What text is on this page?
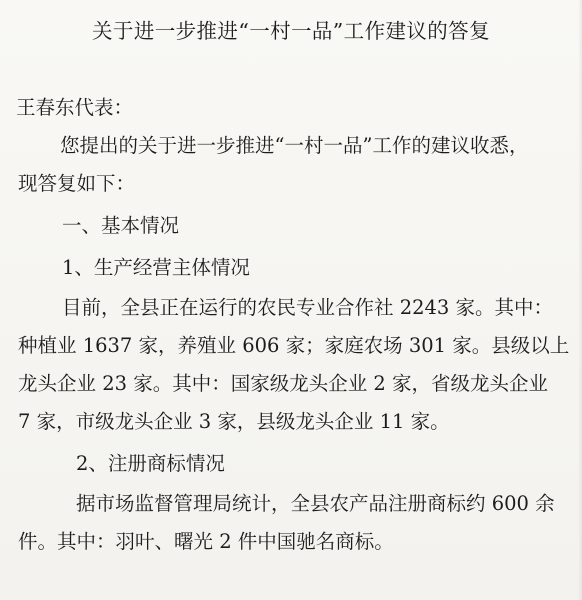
关于进一步推进“一村一品”工作建议的答复
王春东代表：
您提出的关于进一步推进“一村一品”工作的建议收悉，
现答复如下：
一、基本情况
1、生产经营主体情况
目前，全县正在运行的农民专业合作社 2243 家。其中：
种植业 1637 家，养殖业 606 家；家庭农场 301 家。县级以上
龙头企业 23 家。其中：国家级龙头企业 2 家，省级龙头企业
7 家，市级龙头企业 3 家，县级龙头企业 11 家。
2、注册商标情况
据市场监督管理局统计，全县农产品注册商标约 600 余
件。其中：羽叶、曙光 2 件中国驰名商标。
